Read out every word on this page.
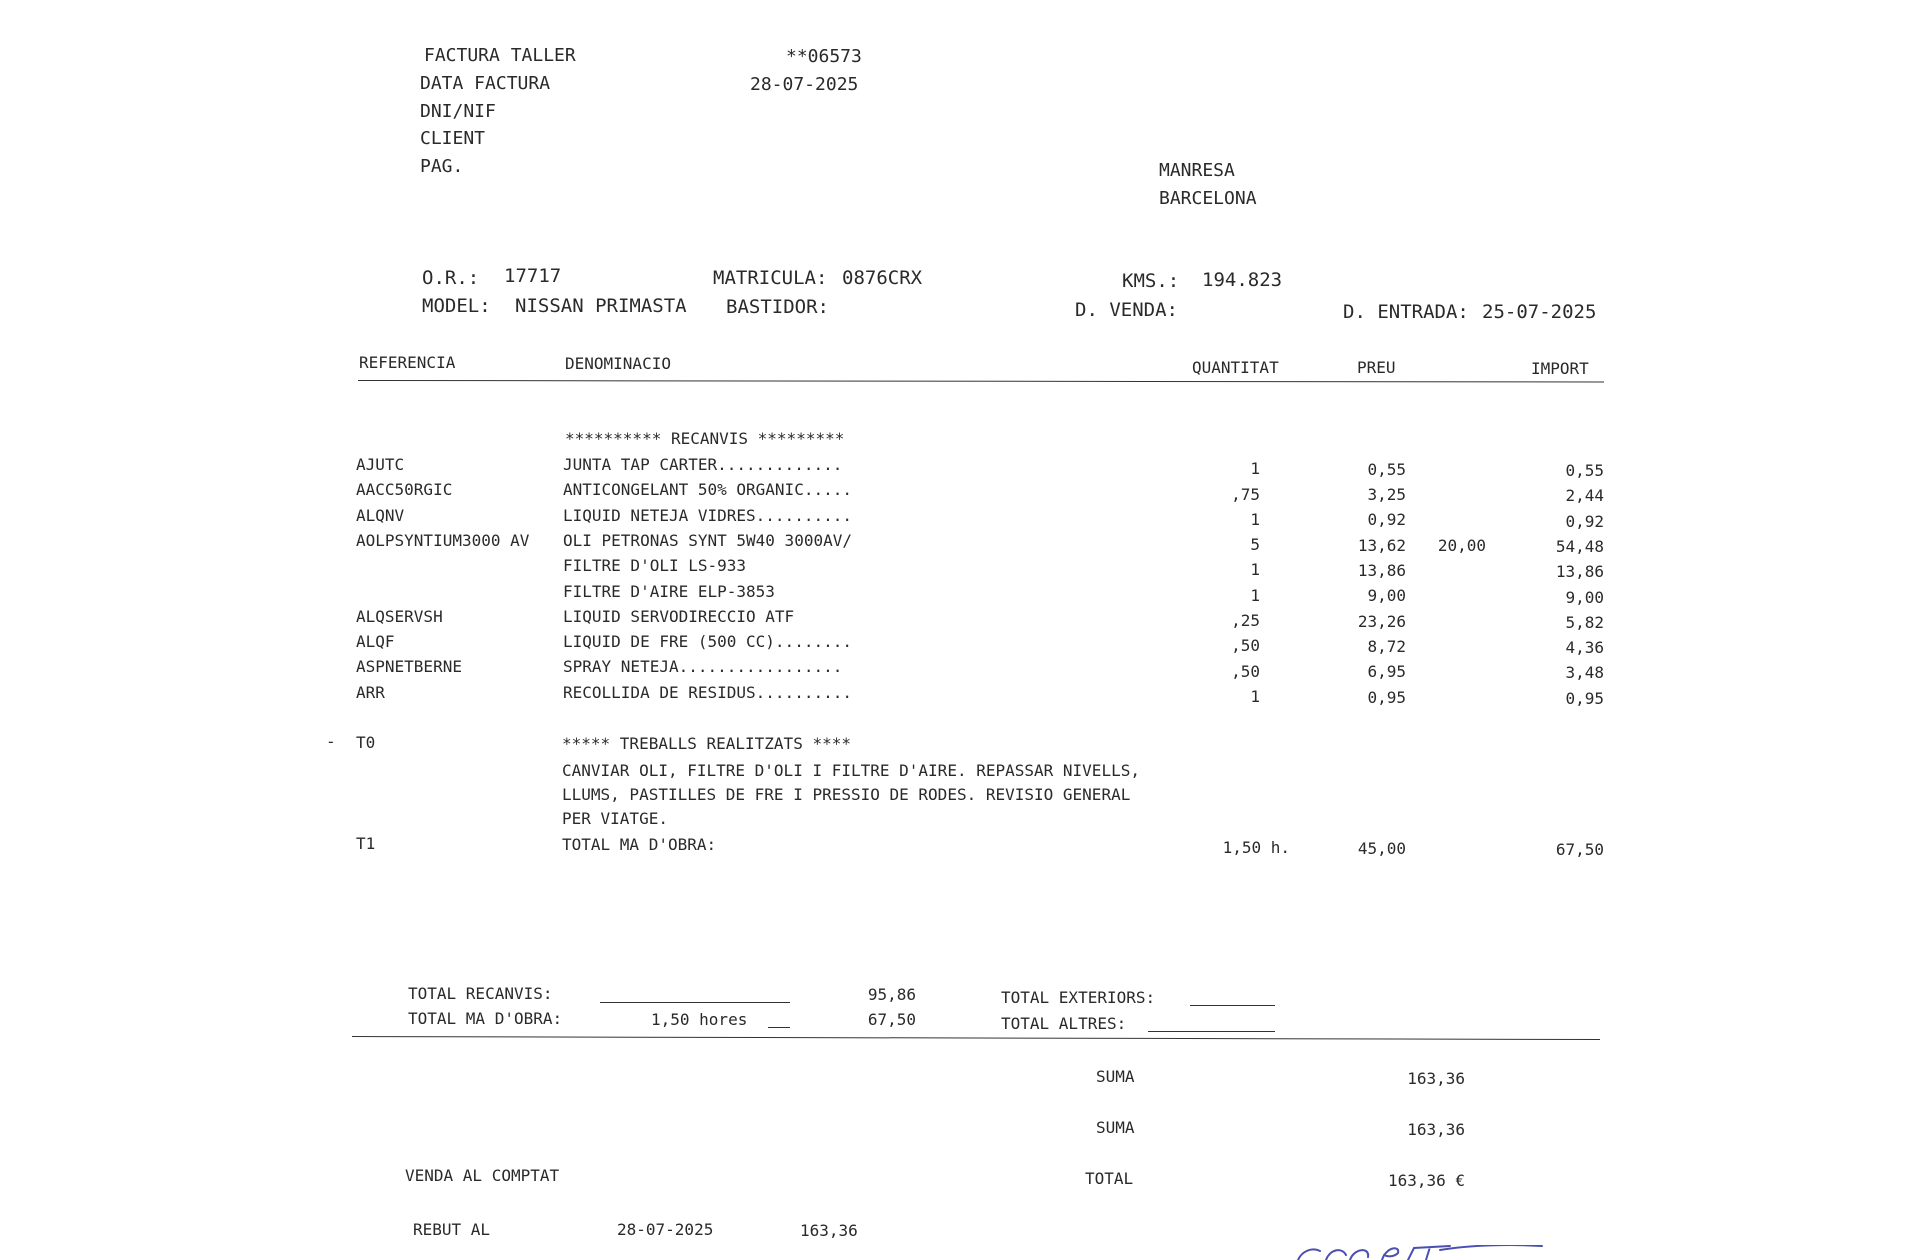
FACTURA TALLER	**06573
DATA FACTURA	28-07-2025
DNI/NIF
CLIENT
PAG.	MANRESA
BARCELONA
O.R.: 17717	MATRICULA: 0876CRX	KMS.: 194.823
MODEL: NISSAN PRIMASTA BASTIDOR:	D. VENDA:	D. ENTRADA: 25-07-2025
REFERENCIA	DENOMINACIO	QUANTITAT	PREU	IMPORT
********** RECANVIS *********
AJUTC	JUNTA TAP CARTER.............	1	0,55	0,55
AACC50RGIC	ANTICONGELANT 50% ORGANIC.....	,75	3,25	2,44
ALQNV	LIQUID NETEJA VIDRES..........	1	0,92	0,92
AOLPSYNTIUM3000 AV OLI PETRONAS SYNT 5W40 3000AV/	5	13,62	20,00	54,48
FILTRE D'OLI LS-933	1	13,86	13,86
FILTRE D'AIRE ELP-3853	1	9,00	9,00
ALQSERVSH	LIQUID SERVODIRECCIO ATF	,25	23,26	5,82
ALQF	LIQUID DE FRE (500 CC)........	,50	8,72	4,36
ASPNETBERNE	SPRAY NETEJA.................	,50	6,95	3,48
ARR	RECOLLIDA DE RESIDUS..........	1	0,95	0,95
- T0	***** TREBALLS REALITZATS ****
CANVIAR OLI, FILTRE D'OLI I FILTRE D'AIRE. REPASSAR NIVELLS,
LLUMS, PASTILLES DE FRE I PRESSIO DE RODES. REVISIO GENERAL
PER VIATGE.
T1	TOTAL MA D'OBRA:	1,50 h.	45,00	67,50
TOTAL RECANVIS:	95,86
TOTAL MA D'OBRA:	1,50 hores	67,50
TOTAL EXTERIORS:
TOTAL ALTRES:
SUMA	163,36
SUMA	163,36
TOTAL	163,36 €
VENDA AL COMPTAT
REBUT AL	28-07-2025	163,36
